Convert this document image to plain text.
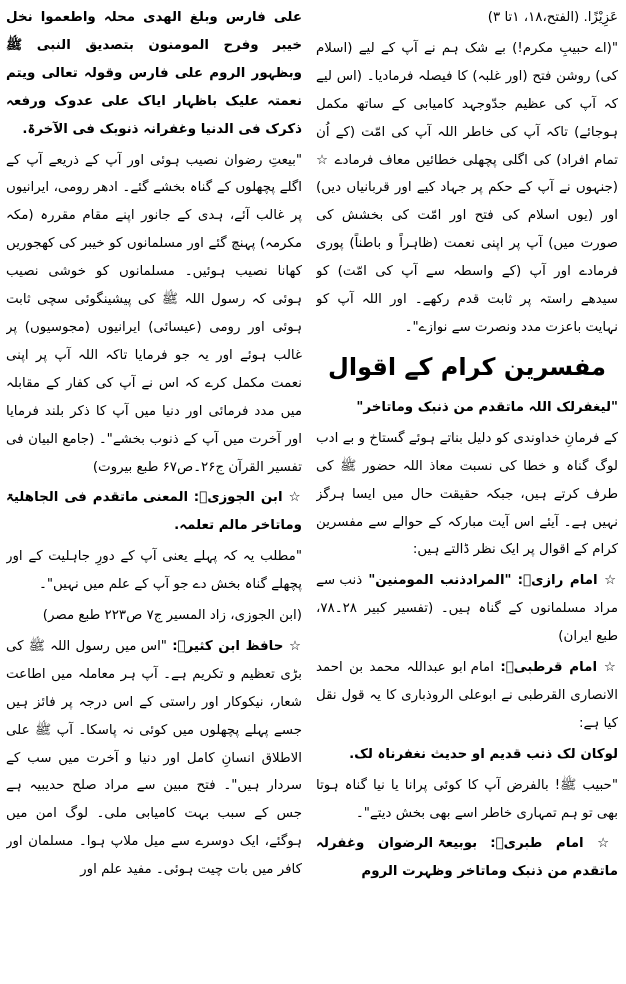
عَزِیْزًا. (الفتح،۱۸، ۱تا ۳)

"(اے حبیبِ مکرم!) بے شک ہم نے آپ کے لیے (اسلام کی) روشن فتح (اور غلبہ) کا فیصلہ فرمادیا۔ (اس لیے کہ آپ کی عظیم جدّوجہد کامیابی کے ساتھ مکمل ہوجائے) تاکہ آپ کی خاطر اللہ آپ کی امّت (کے اُن تمام افراد) کی اگلی پچھلی خطائیں معاف فرمادے ☆ (جنہوں نے آپ کے حکم پر جہاد کیے اور قربانیاں دیں) اور (یوں اسلام کی فتح اور امّت کی بخشش کی صورت میں) آپ پر اپنی نعمت (ظاہراً و باطناً) پوری فرمادے اور آپ (کے واسطہ سے آپ کی امّت) کو سیدھے راستہ پر ثابت قدم رکھے۔ اور اللہ آپ کو نہایت باعزت مدد ونصرت سے نوازے"۔

مفسرین کرام کے اقوال

"لیغفرلک اللہ ماتقدم من ذنبک وماتاخر"

کے فرمانِ خداوندی کو دلیل بناتے ہوئے گستاخ و بے ادب لوگ گناہ و خطا کی نسبت معاذ اللہ حضور ﷺ کی طرف کرتے ہیں، جبکہ حقیقت حال میں ایسا ہرگز نہیں ہے۔ آیئے اس آیت مبارکہ کے حوالے سے مفسرین کرام کے اقوال پر ایک نظر ڈالتے ہیں:

☆ امام رازیؒ: "المرادذنب المومنین" ذنب سے مراد مسلمانوں کے گناہ ہیں۔ (تفسیر کبیر ۲۸۔۷۸، طبع ایران)

☆ امام قرطبیؒ: امام ابو عبداللہ محمد بن احمد الانصاری القرطبی نے ابوعلی الروذباری کا یہ قول نقل کیا ہے:

لوکان لک ذنب قدیم او حدیث نغفرناہ لک.

"حبیب ﷺ! بالفرض آپ کا کوئی پرانا یا نیا گناہ ہوتا بھی تو ہم تمہاری خاطر اسے بھی بخش دیتے"۔

☆ امام طبریؒ: بوبیعۃ الرضوان وغفرلہ ماتقدم من ذنبک وماتاخر وظہرت الروم

علی فارس وبلغ الھدی محلہ واطعموا نخل خیبر وفرح المومنون بتصدیق النبی ﷺ وبظہور الروم علی فارس وقولہ تعالی ویتم نعمتہ علیک باظہار ایاک علی عدوک ورفعہ ذکرک فی الدنیا وغفرانہ ذنوبک فی الآخرۃ.

"بیعتِ رضوان نصیب ہوئی اور آپ کے ذریعے آپ کے اگلے پچھلوں کے گناہ بخشے گئے۔ ادھر رومی، ایرانیوں پر غالب آئے، ہدی کے جانور اپنے مقام مقررہ (مکہ مکرمہ) پہنچ گئے اور مسلمانوں کو خیبر کی کھجوریں کھانا نصیب ہوئیں۔ مسلمانوں کو خوشی نصیب ہوئی کہ رسول اللہ ﷺ کی پیشینگوئی سچی ثابت ہوئی اور رومی (عیسائی) ایرانیوں (مجوسیوں) پر غالب ہوئے اور یہ جو فرمایا تاکہ اللہ آپ پر اپنی نعمت مکمل کرے کہ اس نے آپ کی کفار کے مقابلہ میں مدد فرمائی اور دنیا میں آپ کا ذکر بلند فرمایا اور آخرت میں آپ کے ذنوب بخشے"۔ (جامع البیان فی تفسیر القرآن ج۲۶۔ص۶۷ طبع بیروت)

☆ ابن الجوزیؒ: المعنی ماتقدم فی الجاھلیۃ وماتاخر مالم تعلمہ.

"مطلب یہ کہ پہلے یعنی آپ کے دورِ جاہلیت کے اور پچھلے گناہ بخش دے جو آپ کے علم میں نہیں"۔

(ابن الجوزی، زاد المسیر ج۷ ص۲۲۳ طبع مصر)

☆ حافظ ابن کثیرؒ: "اس میں رسول اللہ ﷺ کی بڑی تعظیم و تکریم ہے۔ آپ ہر معاملہ میں اطاعت شعار، نیکوکار اور راستی کے اس درجہ پر فائز ہیں جسے پہلے پچھلوں میں کوئی نہ پاسکا۔ آپ ﷺ علی الاطلاق انسانِ کامل اور دنیا و آخرت میں سب کے سردار ہیں"۔ فتح مبین سے مراد صلح حدیبیہ ہے جس کے سبب بہت کامیابی ملی۔ لوگ امن میں ہوگئے، ایک دوسرے سے میل ملاپ ہوا۔ مسلمان اور کافر میں بات چیت ہوئی۔ مفید علم اور
